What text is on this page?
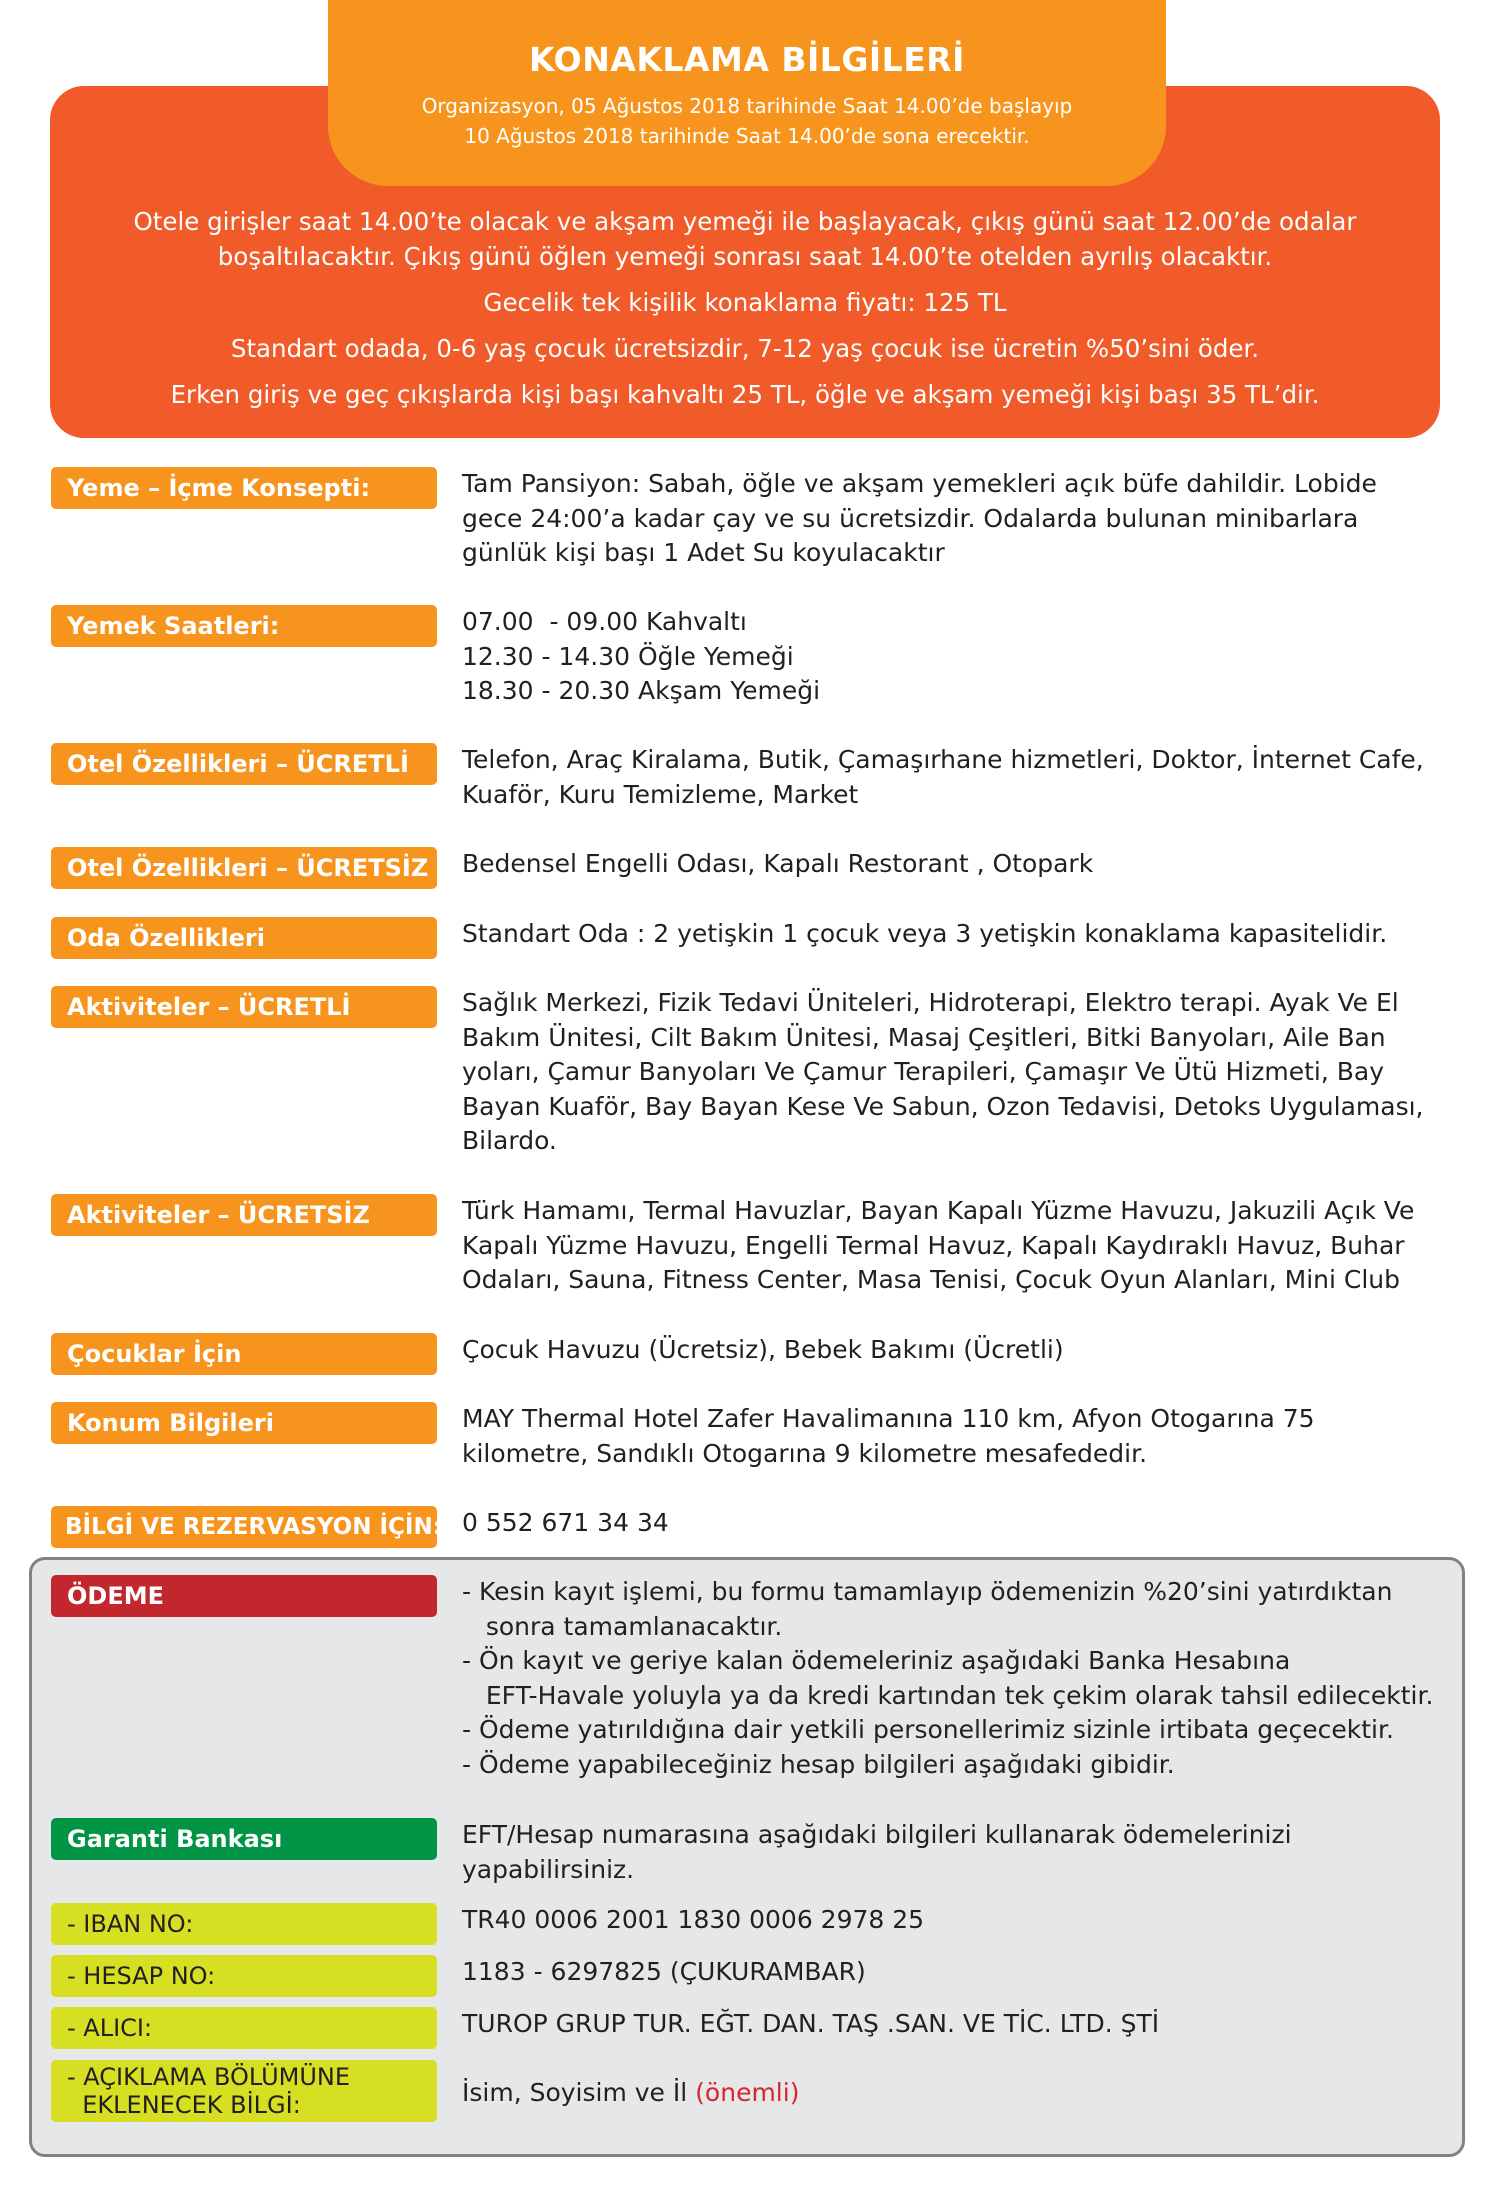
KONAKLAMA BİLGİLERİ

Organizasyon, 05 Ağustos 2018 tarihinde Saat 14.00’de başlayıp

10 Ağustos 2018 tarihinde Saat 14.00’de sona erecektir.

Otele girişler saat 14.00’te olacak ve akşam yemeği ile başlayacak, çıkış günü saat 12.00’de odalar
boşaltılacaktır. Çıkış günü öğlen yemeği sonrası saat 14.00’te otelden ayrılış olacaktır.
Gecelik tek kişilik konaklama fiyatı: 125 TL
Standart odada, 0-6 yaş çocuk ücretsizdir, 7-12 yaş çocuk ise ücretin %50’sini öder.
Erken giriş ve geç çıkışlarda kişi başı kahvaltı 25 TL, öğle ve akşam yemeği kişi başı 35 TL’dir.
Yeme – İçme Konsepti:	Tam Pansiyon: Sabah, öğle ve akşam yemekleri açık büfe dahildir. Lobide
gece 24:00’a kadar çay ve su ücretsizdir. Odalarda bulunan minibarlara
günlük kişi başı 1 Adet Su koyulacaktır
Yemek Saatleri:	07.00  - 09.00 Kahvaltı
12.30 - 14.30 Öğle Yemeği
18.30 - 20.30 Akşam Yemeği
Otel Özellikleri – ÜCRETLİ	Telefon, Araç Kiralama, Butik, Çamaşırhane hizmetleri, Doktor, İnternet Cafe,
Kuaför, Kuru Temizleme, Market
Otel Özellikleri – ÜCRETSİZ	Bedensel Engelli Odası, Kapalı Restorant , Otopark
Oda Özellikleri	Standart Oda : 2 yetişkin 1 çocuk veya 3 yetişkin konaklama kapasitelidir.
Aktiviteler – ÜCRETLİ	Sağlık Merkezi, Fizik Tedavi Üniteleri, Hidroterapi, Elektro terapi. Ayak Ve El
Bakım Ünitesi, Cilt Bakım Ünitesi, Masaj Çeşitleri, Bitki Banyoları, Aile Ban
yoları, Çamur Banyoları Ve Çamur Terapileri, Çamaşır Ve Ütü Hizmeti, Bay
Bayan Kuaför, Bay Bayan Kese Ve Sabun, Ozon Tedavisi, Detoks Uygulaması,
Bilardo.
Aktiviteler – ÜCRETSİZ	Türk Hamamı, Termal Havuzlar, Bayan Kapalı Yüzme Havuzu, Jakuzili Açık Ve
Kapalı Yüzme Havuzu, Engelli Termal Havuz, Kapalı Kaydıraklı Havuz, Buhar
Odaları, Sauna, Fitness Center, Masa Tenisi, Çocuk Oyun Alanları, Mini Club
Çocuklar İçin	Çocuk Havuzu (Ücretsiz), Bebek Bakımı (Ücretli)
Konum Bilgileri	MAY Thermal Hotel Zafer Havalimanına 110 km, Afyon Otogarına 75
kilometre, Sandıklı Otogarına 9 kilometre mesafededir.
BİLGİ VE REZERVASYON İÇİN: 0 552 671 34 34
ÖDEME	- Kesin kayıt işlemi, bu formu tamamlayıp ödemenizin %20’sini yatırdıktan
sonra tamamlanacaktır.
- Ön kayıt ve geriye kalan ödemeleriniz aşağıdaki Banka Hesabına
EFT-Havale yoluyla ya da kredi kartından tek çekim olarak tahsil edilecektir.
- Ödeme yatırıldığına dair yetkili personellerimiz sizinle irtibata geçecektir.
- Ödeme yapabileceğiniz hesap bilgileri aşağıdaki gibidir.
Garanti Bankası	EFT/Hesap numarasına aşağıdaki bilgileri kullanarak ödemelerinizi
yapabilirsiniz.
- IBAN NO:	TR40 0006 2001 1830 0006 2978 25
- HESAP NO:	1183 - 6297825 (ÇUKURAMBAR)
- ALICI:	TUROP GRUP TUR. EĞT. DAN. TAŞ .SAN. VE TİC. LTD. ŞTİ
- AÇIKLAMA BÖLÜMÜNE
EKLENECEK BİLGİ:	İsim, Soyisim ve İl (önemli)
